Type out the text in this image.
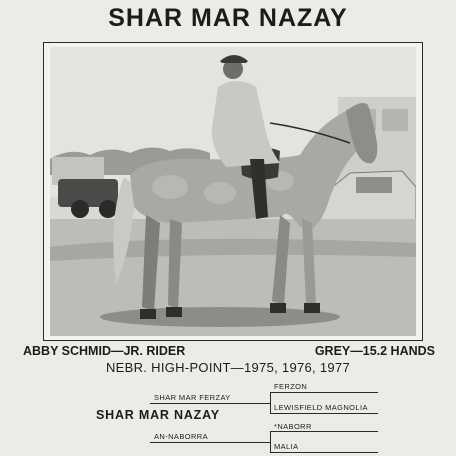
SHAR MAR NAZAY
ABBY SCHMID—JR. RIDER	GREY—15.2 HANDS
NEBR. HIGH-POINT—1975, 1976, 1977
FERZON
SHAR MAR FERZAY
LEWISFIELD MAGNOLIA
SHAR MAR NAZAY
*NABORR
AN-NABORRA
MALIA
